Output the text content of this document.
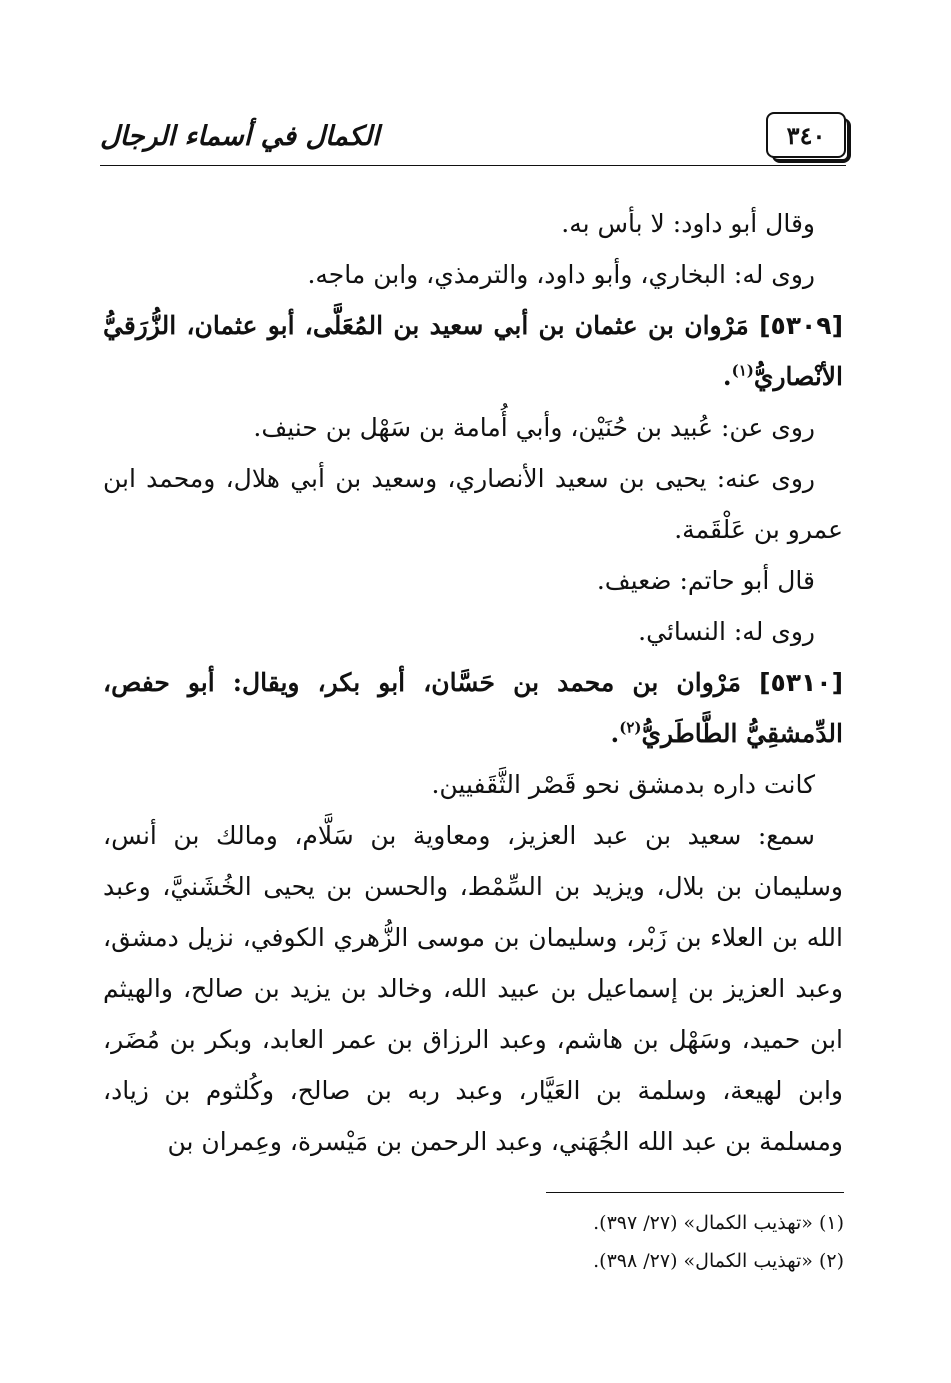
٣٤٠
الكمال في أسماء الرجال

وقال أبو داود: لا بأس به.

روى له: البخاري، وأبو داود، والترمذي، وابن ماجه.

[٥٣٠٩] مَرْوان بن عثمان بن أبي سعيد بن المُعَلَّى، أبو عثمان، الزُّرَقيُّ الأنْصاريُّ$^{(١)}$.

روى عن: عُبيد بن حُنَيْن، وأبي أُمامة بن سَهْل بن حنيف.

روى عنه: يحيى بن سعيد الأنصاري، وسعيد بن أبي هلال، ومحمد ابن عمرو بن عَلْقَمة.

قال أبو حاتم: ضعيف.

روى له: النسائي.

[٥٣١٠] مَرْوان بن محمد بن حَسَّان، أبو بكر، ويقال: أبو حفص، الدِّمشقِيُّ الطَّاطَريُّ$^{(٢)}$.

كانت داره بدمشق نحو قَصْر الثَّقَفيين.

سمع: سعيد بن عبد العزيز، ومعاوية بن سَلَّام، ومالك بن أنس، وسليمان بن بلال، ويزيد بن السِّمْط، والحسن بن يحيى الخُشَنيَّ، وعبد الله بن العلاء بن زَبْر، وسليمان بن موسى الزُّهري الكوفي، نزيل دمشق، وعبد العزيز بن إسماعيل بن عبيد الله، وخالد بن يزيد بن صالح، والهيثم ابن حميد، وسَهْل بن هاشم، وعبد الرزاق بن عمر العابد، وبكر بن مُضَر، وابن لهيعة، وسلمة بن العَيَّار، وعبد ربه بن صالح، وكُلثوم بن زياد، ومسلمة بن عبد الله الجُهَني، وعبد الرحمن بن مَيْسرة، وعِمران بن

(١) «تهذيب الكمال» (٢٧/ ٣٩٧).

(٢) «تهذيب الكمال» (٢٧/ ٣٩٨).
